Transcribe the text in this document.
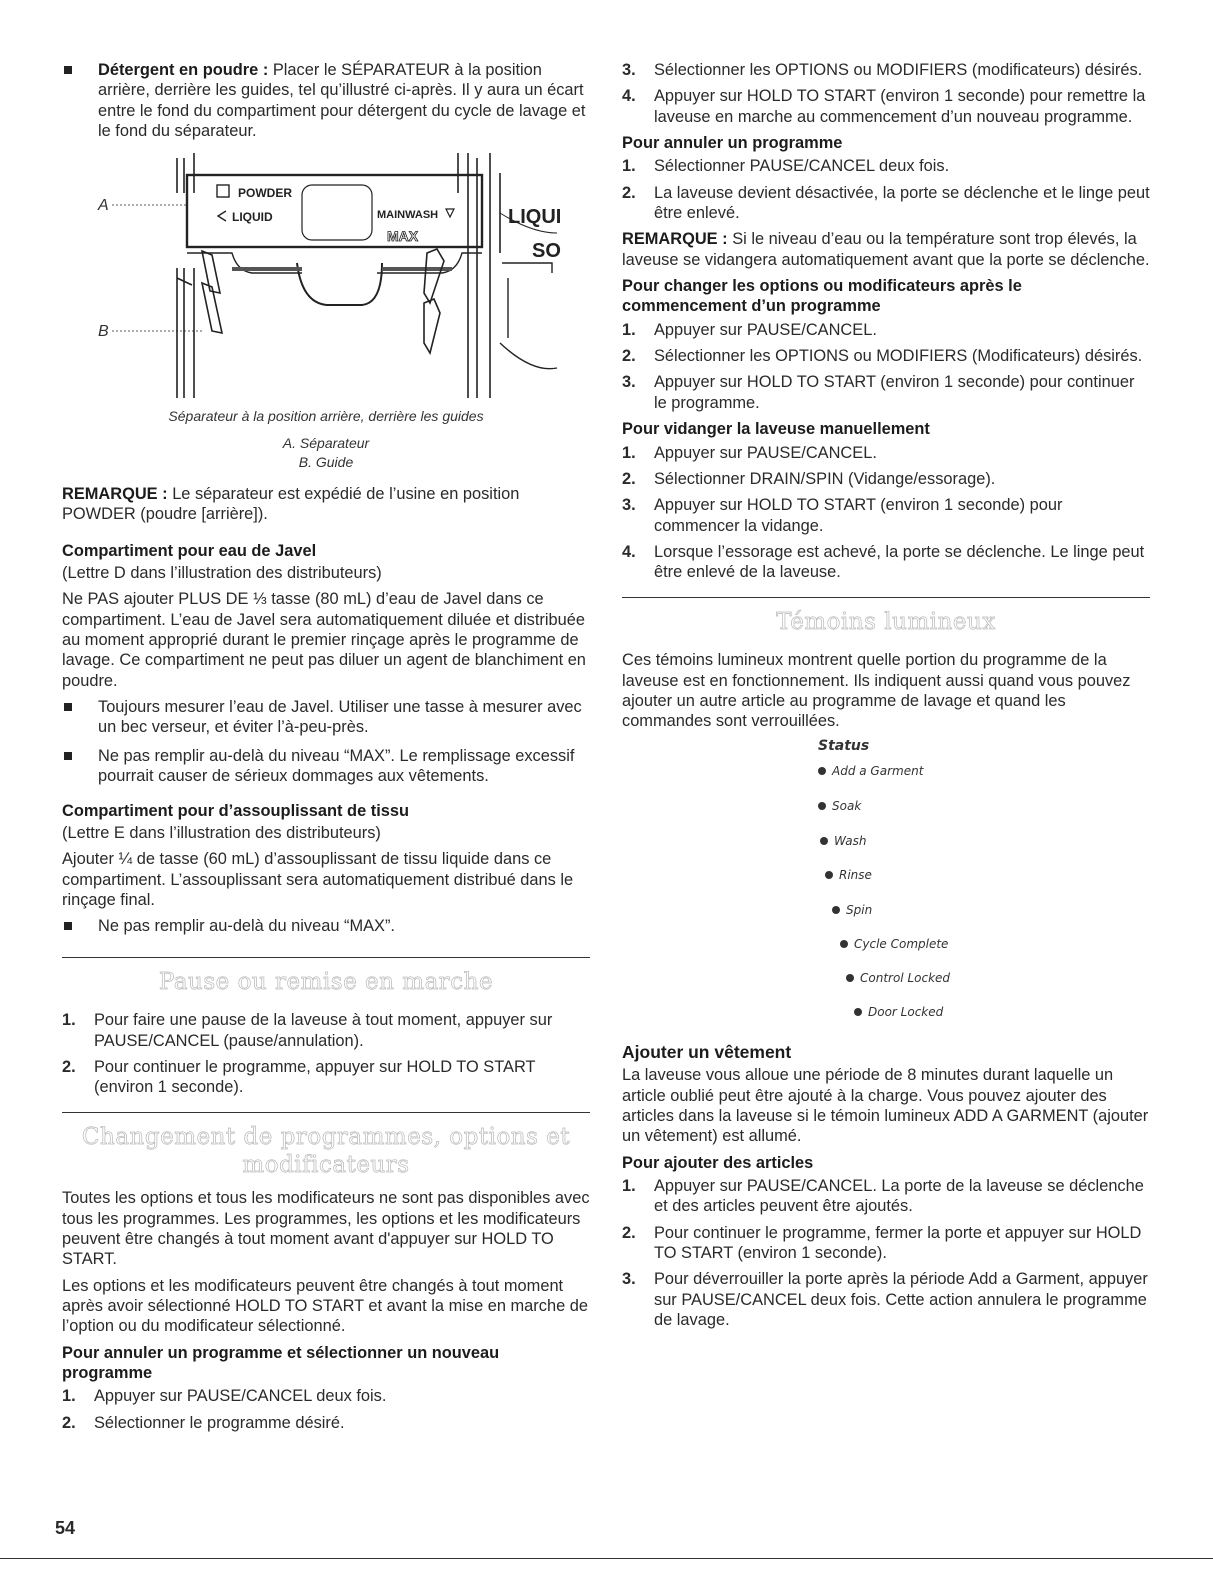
Détergent en poudre : Placer le SÉPARATEUR à la position arrière, derrière les guides, tel qu’illustré ci-après. Il y aura un écart entre le fond du compartiment pour détergent du cycle de lavage et le fond du séparateur.
POWDER
LIQUID	MAINWASH
MAX
LIQUI
SO
A
B
Séparateur à la position arrière, derrière les guides
A. Séparateur
B. Guide

REMARQUE : Le séparateur est expédié de l’usine en position POWDER (poudre [arrière]).

Compartiment pour eau de Javel

(Lettre D dans l’illustration des distributeurs)

Ne PAS ajouter PLUS DE ⅓ tasse (80 mL) d’eau de Javel dans ce compartiment. L’eau de Javel sera automatiquement diluée et distribuée au moment approprié durant le premier rinçage après le programme de lavage. Ce compartiment ne peut pas diluer un agent de blanchiment en poudre.

Toujours mesurer l’eau de Javel. Utiliser une tasse à mesurer avec un bec verseur, et éviter l’à-peu-près.
Ne pas remplir au-delà du niveau “MAX”. Le remplissage excessif pourrait causer de sérieux dommages aux vêtements.
Compartiment pour d’assouplissant de tissu

(Lettre E dans l’illustration des distributeurs)

Ajouter ¼ de tasse (60 mL) d’assouplissant de tissu liquide dans ce compartiment. L’assouplissant sera automatiquement distribué dans le rinçage final.

Ne pas remplir au-delà du niveau “MAX”.
Pause ou remise en marche
1. Pour faire une pause de la laveuse à tout moment, appuyer sur PAUSE/CANCEL (pause/annulation).
2. Pour continuer le programme, appuyer sur HOLD TO START (environ 1 seconde).
Changement de programmes, options et
modificateurs

Toutes les options et tous les modificateurs ne sont pas disponibles avec tous les programmes. Les programmes, les options et les modificateurs peuvent être changés à tout moment avant d'appuyer sur HOLD TO START.

Les options et les modificateurs peuvent être changés à tout moment après avoir sélectionné HOLD TO START et avant la mise en marche de l’option ou du modificateur sélectionné.

Pour annuler un programme et sélectionner un nouveau programme
1. Appuyer sur PAUSE/CANCEL deux fois.
2. Sélectionner le programme désiré.
3. Sélectionner les OPTIONS ou MODIFIERS (modificateurs) désirés.
4. Appuyer sur HOLD TO START (environ 1 seconde) pour remettre la laveuse en marche au commencement d’un nouveau programme.
Pour annuler un programme
1. Sélectionner PAUSE/CANCEL deux fois.
2. La laveuse devient désactivée, la porte se déclenche et le linge peut être enlevé.

REMARQUE : Si le niveau d’eau ou la température sont trop élevés, la laveuse se vidangera automatiquement avant que la porte se déclenche.

Pour changer les options ou modificateurs après le commencement d’un programme
1. Appuyer sur PAUSE/CANCEL.
2. Sélectionner les OPTIONS ou MODIFIERS (Modificateurs) désirés.
3. Appuyer sur HOLD TO START (environ 1 seconde) pour continuer le programme.
Pour vidanger la laveuse manuellement
1. Appuyer sur PAUSE/CANCEL.
2. Sélectionner DRAIN/SPIN (Vidange/essorage).
3. Appuyer sur HOLD TO START (environ 1 seconde) pour commencer la vidange.
4. Lorsque l’essorage est achevé, la porte se déclenche. Le linge peut être enlevé de la laveuse.
Témoins lumineux

Ces témoins lumineux montrent quelle portion du programme de la laveuse est en fonctionnement. Ils indiquent aussi quand vous pouvez ajouter un autre article au programme de lavage et quand les commandes sont verrouillées.

Status
Add a Garment
Soak
Wash
Rinse
Spin
Cycle Complete
Control Locked
Door Locked
Ajouter un vêtement

La laveuse vous alloue une période de 8 minutes durant laquelle un article oublié peut être ajouté à la charge. Vous pouvez ajouter des articles dans la laveuse si le témoin lumineux ADD A GARMENT (ajouter un vêtement) est allumé.

Pour ajouter des articles
1. Appuyer sur PAUSE/CANCEL. La porte de la laveuse se déclenche et des articles peuvent être ajoutés.
2. Pour continuer le programme, fermer la porte et appuyer sur HOLD TO START (environ 1 seconde).
3. Pour déverrouiller la porte après la période Add a Garment, appuyer sur PAUSE/CANCEL deux fois. Cette action annulera le programme de lavage.
54
